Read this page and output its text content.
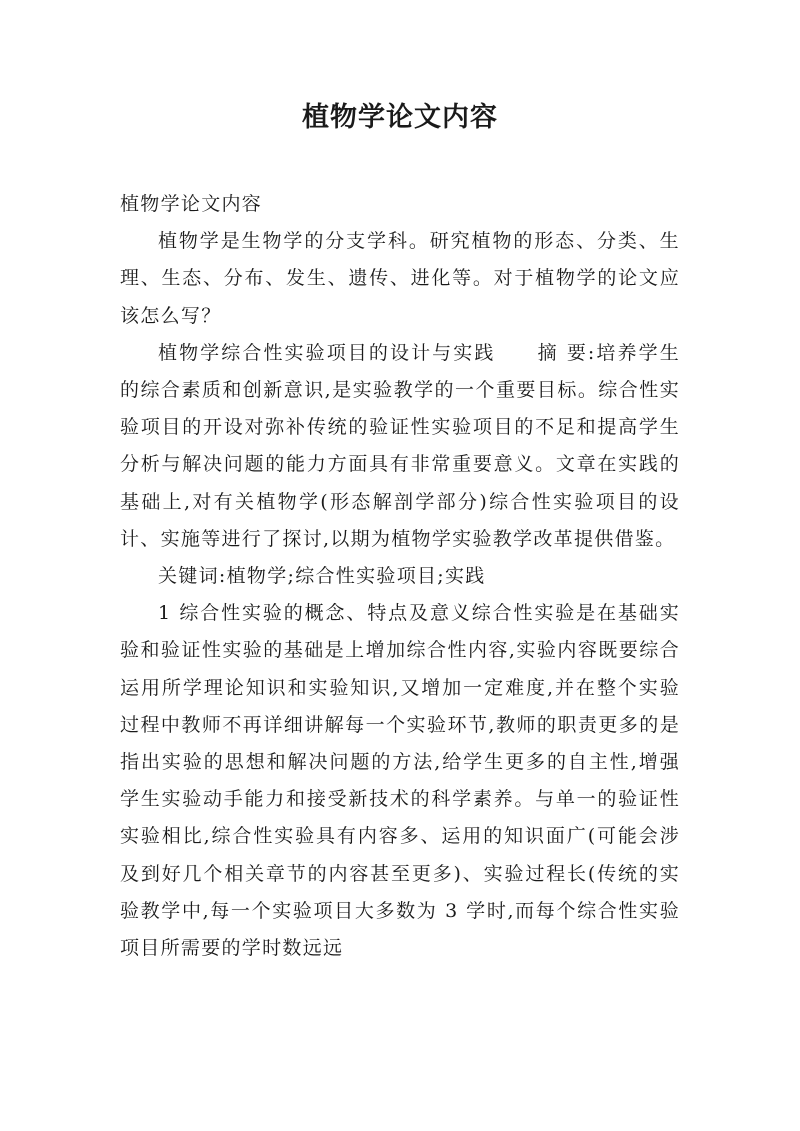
植物学论文内容

植物学论文内容

植物学是生物学的分支学科。研究植物的形态、分类、生理、生态、分布、发生、遗传、进化等。对于植物学的论文应该怎么写？

植物学综合性实验项目的设计与实践　　摘 要:培养学生的综合素质和创新意识,是实验教学的一个重要目标。综合性实验项目的开设对弥补传统的验证性实验项目的不足和提高学生分析与解决问题的能力方面具有非常重要意义。文章在实践的基础上,对有关植物学(形态解剖学部分)综合性实验项目的设计、实施等进行了探讨,以期为植物学实验教学改革提供借鉴。

关键词:植物学;综合性实验项目;实践

1 综合性实验的概念、特点及意义综合性实验是在基础实验和验证性实验的基础是上增加综合性内容,实验内容既要综合运用所学理论知识和实验知识,又增加一定难度,并在整个实验过程中教师不再详细讲解每一个实验环节,教师的职责更多的是指出实验的思想和解决问题的方法,给学生更多的自主性,增强学生实验动手能力和接受新技术的科学素养。与单一的验证性实验相比,综合性实验具有内容多、运用的知识面广(可能会涉及到好几个相关章节的内容甚至更多)、实验过程长(传统的实验教学中,每一个实验项目大多数为 3 学时,而每个综合性实验项目所需要的学时数远远
